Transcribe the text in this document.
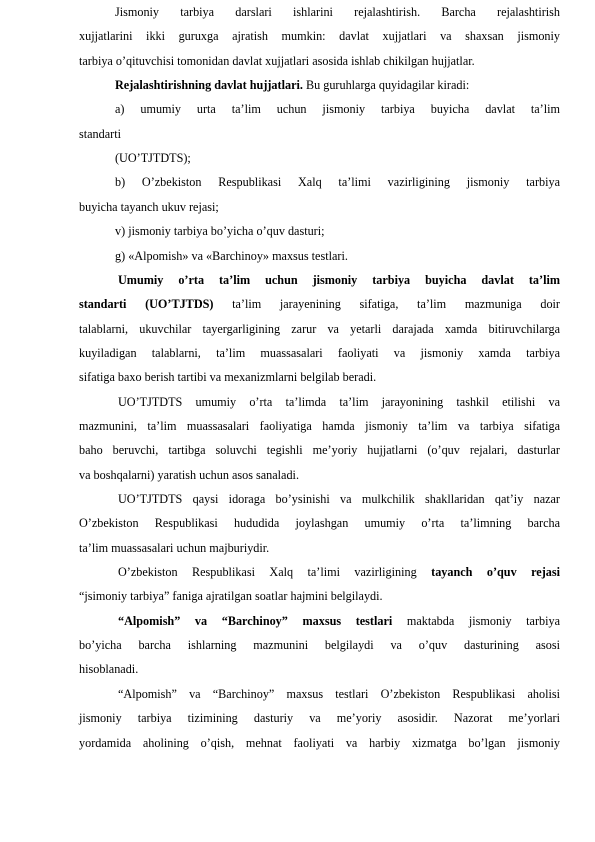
Jismoniy tarbiya darslari ishlarini rejalashtirish. Barcha rejalashtirish
xujjatlarini ikki guruxga ajratish mumkin: davlat xujjatlari va shaxsan jismoniy
tarbiya o’qituvchisi tomonidan davlat xujjatlari asosida ishlab chikilgan hujjatlar.
Rejalashtirishning davlat hujjatlari. Bu guruhlarga quyidagilar kiradi:
a) umumiy urta ta’lim uchun jismoniy tarbiya buyicha davlat ta’lim
standarti
(UO’TJTDTS);
b) O’zbekiston Respublikasi Xalq ta’limi vazirligining jismoniy tarbiya
buyicha tayanch ukuv rejasi;
v) jismoniy tarbiya bo’yicha o’quv dasturi;
g) «Alpomish» va «Barchinoy» maxsus testlari.
Umumiy o’rta ta’lim uchun jismoniy tarbiya buyicha davlat ta’lim
standarti (UO’TJTDS) ta’lim jarayenining sifatiga, ta’lim mazmuniga doir
talablarni, ukuvchilar tayergarligining zarur va yetarli darajada xamda bitiruvchilarga
kuyiladigan talablarni, ta’lim muassasalari faoliyati va jismoniy xamda tarbiya
sifatiga baxo berish tartibi va mexanizmlarni belgilab beradi.
UO’TJTDTS umumiy o’rta ta’limda ta’lim jarayonining tashkil etilishi va
mazmunini, ta’lim muassasalari faoliyatiga hamda jismoniy ta’lim va tarbiya sifatiga
baho beruvchi, tartibga soluvchi tegishli me’yoriy hujjatlarni (o’quv rejalari, dasturlar
va boshqalarni) yaratish uchun asos sanaladi.
UO’TJTDTS qaysi idoraga bo’ysinishi va mulkchilik shakllaridan qat’iy nazar
O’zbekiston Respublikasi hududida joylashgan umumiy o’rta ta’limning barcha
ta’lim muassasalari uchun majburiydir.
O’zbekiston Respublikasi Xalq ta’limi vazirligining tayanch o’quv rejasi
“jsimoniy tarbiya” faniga ajratilgan soatlar hajmini belgilaydi.
“Alpomish” va “Barchinoy” maxsus testlari maktabda jismoniy tarbiya
bo’yicha barcha ishlarning mazmunini belgilaydi va o’quv dasturining asosi
hisoblanadi.
“Alpomish” va “Barchinoy” maxsus testlari O’zbekiston Respublikasi aholisi
jismoniy tarbiya tizimining dasturiy va me’yoriy asosidir. Nazorat me’yorlari
yordamida aholining o’qish, mehnat faoliyati va harbiy xizmatga bo’lgan jismoniy
